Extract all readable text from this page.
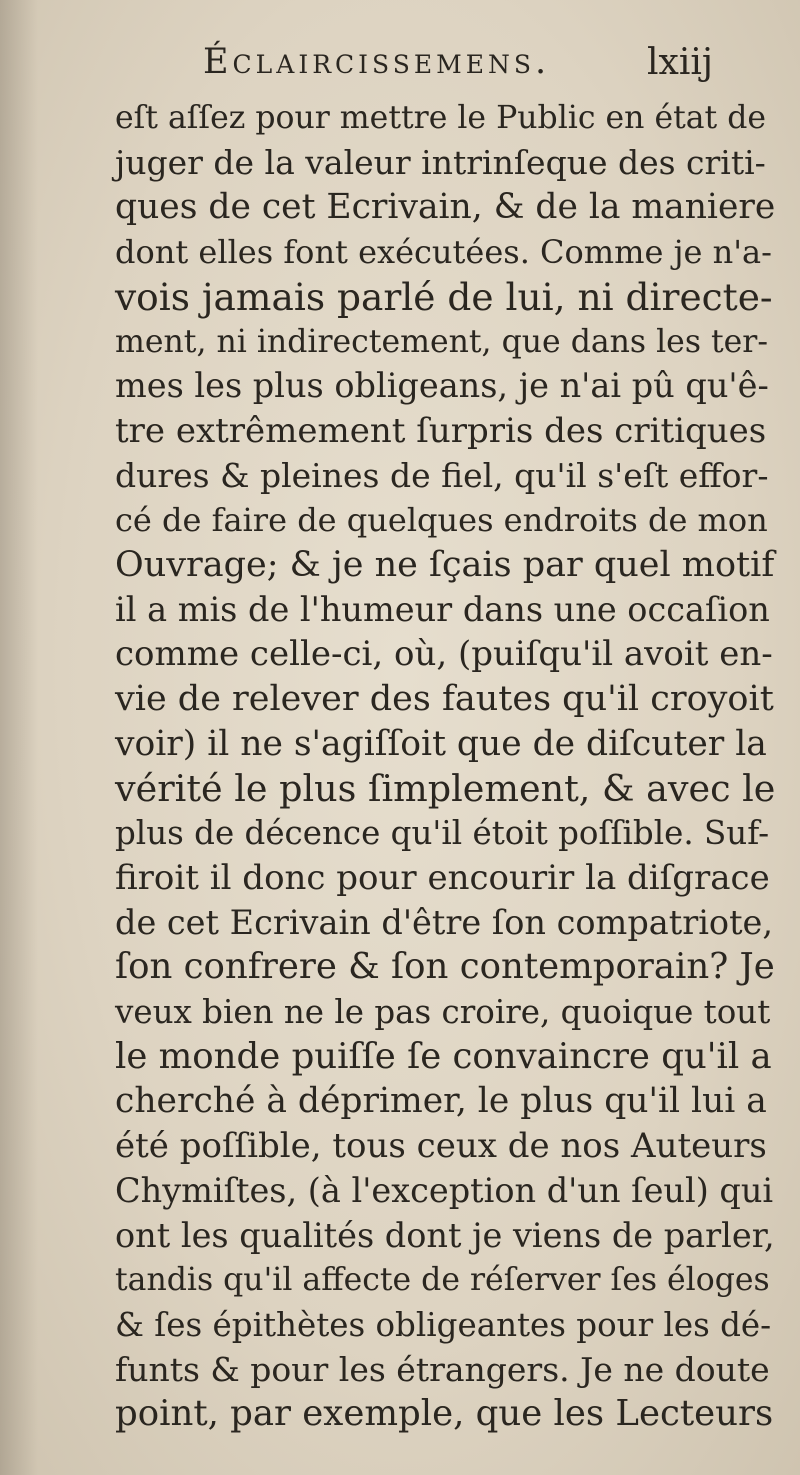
Éclaircissemens.	lxiij
eſt aſſez pour mettre le Public en état de
juger de la valeur intrinſeque des criti-
ques de cet Ecrivain, & de la maniere
dont elles font exécutées. Comme je n'a-
vois jamais parlé de lui, ni directe-
ment, ni indirectement, que dans les ter-
mes les plus obligeans, je n'ai pû qu'ê-
tre extrêmement ſurpris des critiques
dures & pleines de fiel, qu'il s'eſt effor-
cé de faire de quelques endroits de mon
Ouvrage; & je ne ſçais par quel motif
il a mis de l'humeur dans une occaſion
comme celle-ci, où, (puiſqu'il avoit en-
vie de relever des fautes qu'il croyoit
voir) il ne s'agiſſoit que de diſcuter la
vérité le plus ſimplement, & avec le
plus de décence qu'il étoit poſſible. Suf-
firoit il donc pour encourir la diſgrace
de cet Ecrivain d'être ſon compatriote,
ſon confrere & ſon contemporain? Je
veux bien ne le pas croire, quoique tout
le monde puiſſe ſe convaincre qu'il a
cherché à déprimer, le plus qu'il lui a
été poſſible, tous ceux de nos Auteurs
Chymiſtes, (à l'exception d'un ſeul) qui
ont les qualités dont je viens de parler,
tandis qu'il affecte de réſerver ſes éloges
& ſes épithètes obligeantes pour les dé-
funts & pour les étrangers. Je ne doute
point, par exemple, que les Lecteurs
